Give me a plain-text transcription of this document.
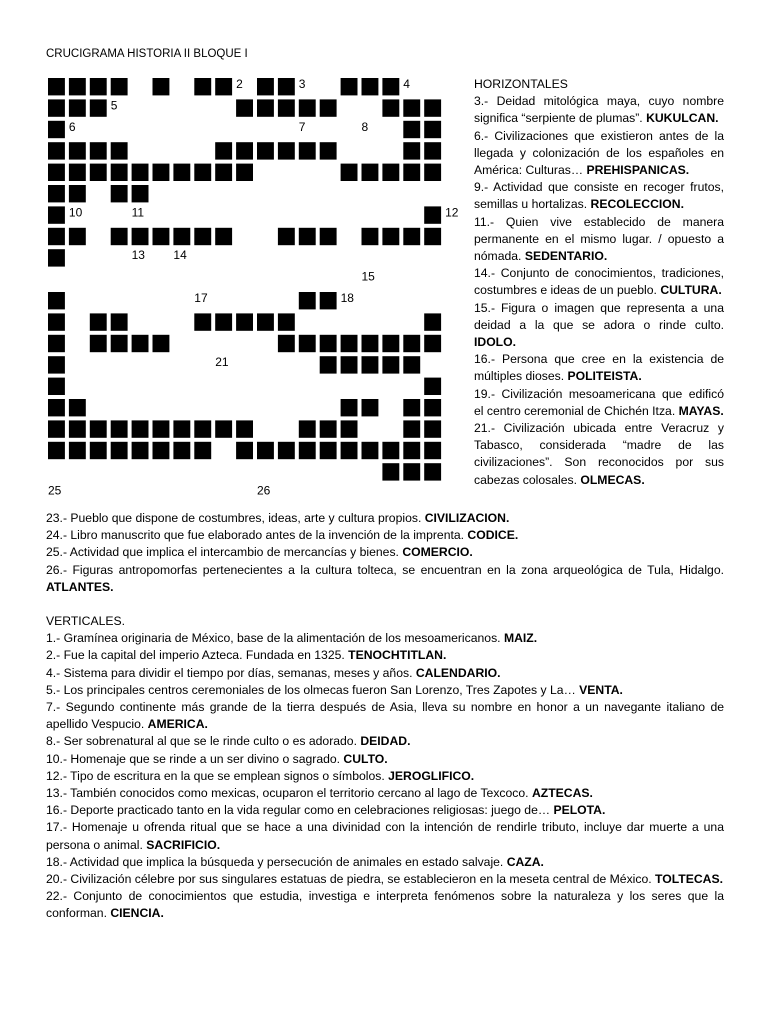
CRUCIGRAMA HISTORIA II BLOQUE I
1	2	3	4
5
6	7	8
9
10	11	12
13 14
15
16	17	18
19
20
21	22
23
24
25	26

HORIZONTALES

3.- Deidad mitológica maya, cuyo nombre significa “serpiente de plumas”. KUKULCAN.

6.- Civilizaciones que existieron antes de la llegada y colonización de los españoles en América: Culturas… PREHISPANICAS.

9.- Actividad que consiste en recoger frutos, semillas u hortalizas. RECOLECCION.

11.- Quien vive establecido de manera permanente en el mismo lugar. / opuesto a nómada. SEDENTARIO.

14.- Conjunto de conocimientos, tradiciones, costumbres e ideas de un pueblo. CULTURA.

15.- Figura o imagen que representa a una deidad a la que se adora o rinde culto. IDOLO.

16.- Persona que cree en la existencia de múltiples dioses. POLITEISTA.

19.- Civilización mesoamericana que edificó el centro ceremonial de Chichén Itza. MAYAS.

21.- Civilización ubicada entre Veracruz y Tabasco, considerada “madre de las civilizaciones”. Son reconocidos por sus cabezas colosales. OLMECAS.

23.- Pueblo que dispone de costumbres, ideas, arte y cultura propios. CIVILIZACION.

24.- Libro manuscrito que fue elaborado antes de la invención de la imprenta. CODICE.

25.- Actividad que implica el intercambio de mercancías y bienes. COMERCIO.

26.- Figuras antropomorfas pertenecientes a la cultura tolteca, se encuentran en la zona arqueológica de Tula, Hidalgo. ATLANTES.

VERTICALES.

1.- Gramínea originaria de México, base de la alimentación de los mesoamericanos. MAIZ.

2.- Fue la capital del imperio Azteca. Fundada en 1325. TENOCHTITLAN.

4.- Sistema para dividir el tiempo por días, semanas, meses y años. CALENDARIO.

5.- Los principales centros ceremoniales de los olmecas fueron San Lorenzo, Tres Zapotes y La… VENTA.

7.- Segundo continente más grande de la tierra después de Asia, lleva su nombre en honor a un navegante italiano de apellido Vespucio. AMERICA.

8.- Ser sobrenatural al que se le rinde culto o es adorado. DEIDAD.

10.- Homenaje que se rinde a un ser divino o sagrado. CULTO.

12.- Tipo de escritura en la que se emplean signos o símbolos. JEROGLIFICO.

13.- También conocidos como mexicas, ocuparon el territorio cercano al lago de Texcoco. AZTECAS.

16.- Deporte practicado tanto en la vida regular como en celebraciones religiosas: juego de… PELOTA.

17.- Homenaje u ofrenda ritual que se hace a una divinidad con la intención de rendirle tributo, incluye dar muerte a una persona o animal. SACRIFICIO.

18.- Actividad que implica la búsqueda y persecución de animales en estado salvaje. CAZA.

20.- Civilización célebre por sus singulares estatuas de piedra, se establecieron en la meseta central de México. TOLTECAS.

22.- Conjunto de conocimientos que estudia, investiga e interpreta fenómenos sobre la naturaleza y los seres que la conforman. CIENCIA.
